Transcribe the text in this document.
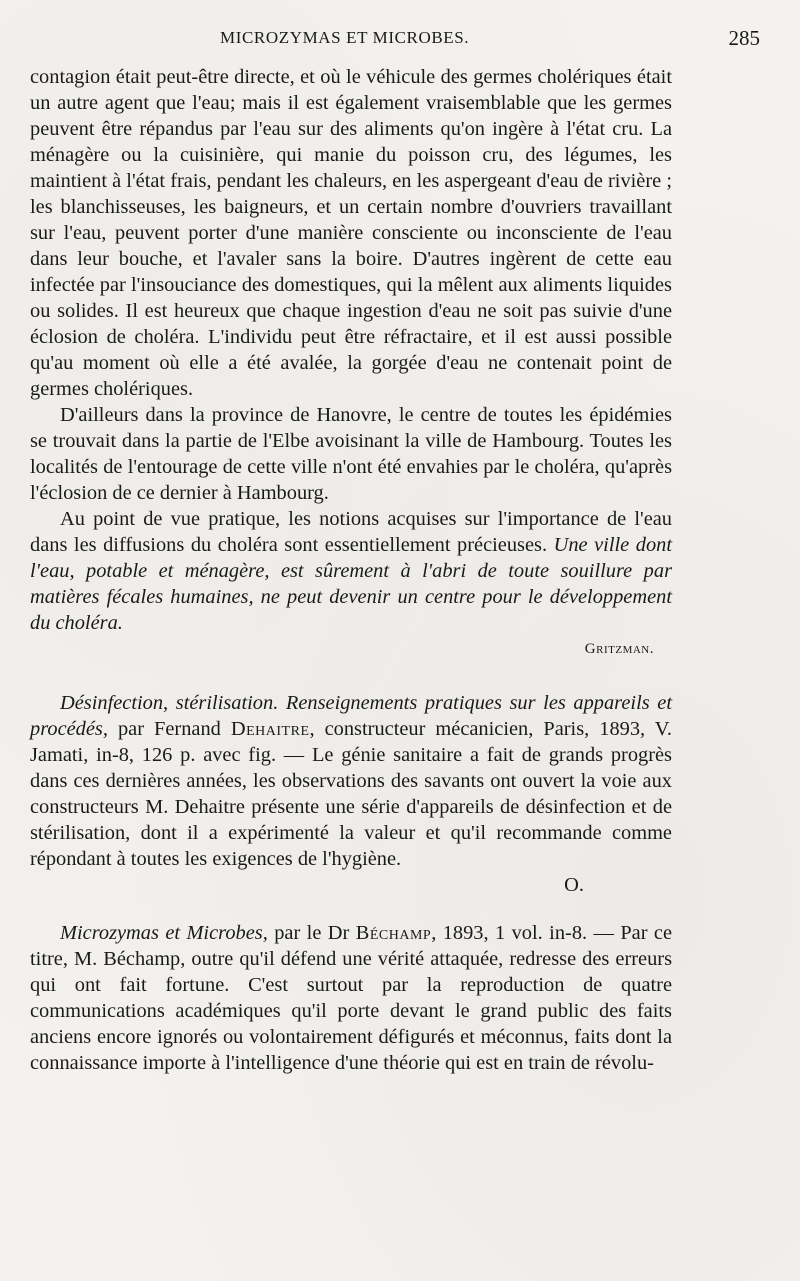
MICROZYMAS ET MICROBES.	285

contagion était peut-être directe, et où le véhicule des germes cholériques était un autre agent que l'eau; mais il est également vraisemblable que les germes peuvent être répandus par l'eau sur des aliments qu'on ingère à l'état cru. La ménagère ou la cuisinière, qui manie du poisson cru, des légumes, les maintient à l'état frais, pendant les chaleurs, en les aspergeant d'eau de rivière ; les blanchisseuses, les baigneurs, et un certain nombre d'ouvriers travaillant sur l'eau, peuvent porter d'une manière consciente ou inconsciente de l'eau dans leur bouche, et l'avaler sans la boire. D'autres ingèrent de cette eau infectée par l'insouciance des domestiques, qui la mêlent aux aliments liquides ou solides. Il est heureux que chaque ingestion d'eau ne soit pas suivie d'une éclosion de choléra. L'individu peut être réfractaire, et il est aussi possible qu'au moment où elle a été avalée, la gorgée d'eau ne contenait point de germes cholériques.

D'ailleurs dans la province de Hanovre, le centre de toutes les épidémies se trouvait dans la partie de l'Elbe avoisinant la ville de Hambourg. Toutes les localités de l'entourage de cette ville n'ont été envahies par le choléra, qu'après l'éclosion de ce dernier à Hambourg.

Au point de vue pratique, les notions acquises sur l'importance de l'eau dans les diffusions du choléra sont essentiellement précieuses. Une ville dont l'eau, potable et ménagère, est sûrement à l'abri de toute souillure par matières fécales humaines, ne peut devenir un centre pour le développement du choléra.

Gritzman.

Désinfection, stérilisation. Renseignements pratiques sur les appareils et procédés, par Fernand Dehaitre, constructeur mécanicien, Paris, 1893, V. Jamati, in-8, 126 p. avec fig. — Le génie sanitaire a fait de grands progrès dans ces dernières années, les observations des savants ont ouvert la voie aux constructeurs M. Dehaitre présente une série d'appareils de désinfection et de stérilisation, dont il a expérimenté la valeur et qu'il recommande comme répondant à toutes les exigences de l'hygiène.

O.

Microzymas et Microbes, par le Dr Béchamp, 1893, 1 vol. in-8. — Par ce titre, M. Béchamp, outre qu'il défend une vérité attaquée, redresse des erreurs qui ont fait fortune. C'est surtout par la reproduction de quatre communications académiques qu'il porte devant le grand public des faits anciens encore ignorés ou volontairement défigurés et méconnus, faits dont la connaissance importe à l'intelligence d'une théorie qui est en train de révolu-
